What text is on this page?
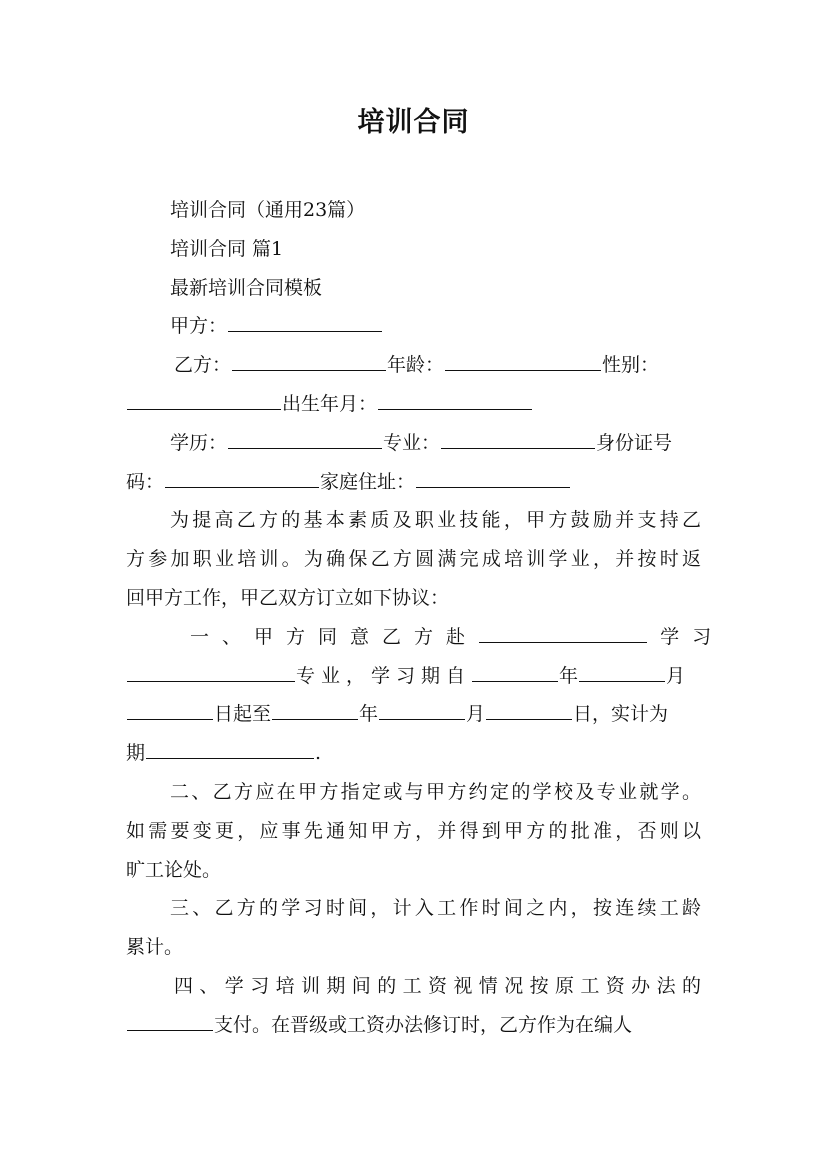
培训合同
培训合同（通用23篇）
培训合同 篇1
最新培训合同模板
甲方：
乙方：	年龄：	性别：
出生年月：
学历：	专业：	身份证号
码：	家庭住址：
为提高乙方的基本素质及职业技能，甲方鼓励并支持乙
方参加职业培训。为确保乙方圆满完成培训学业，并按时返
回甲方工作，甲乙双方订立如下协议：
一、甲方同意乙方赴	学习
专业，学习期自	年	月
日起至	年	月	日，实计为
期	.
二、乙方应在甲方指定或与甲方约定的学校及专业就学。
如需要变更，应事先通知甲方，并得到甲方的批准，否则以
旷工论处。
三、乙方的学习时间，计入工作时间之内，按连续工龄
累计。
四、学习培训期间的工资视情况按原工资办法的
支付。在晋级或工资办法修订时，乙方作为在编人
